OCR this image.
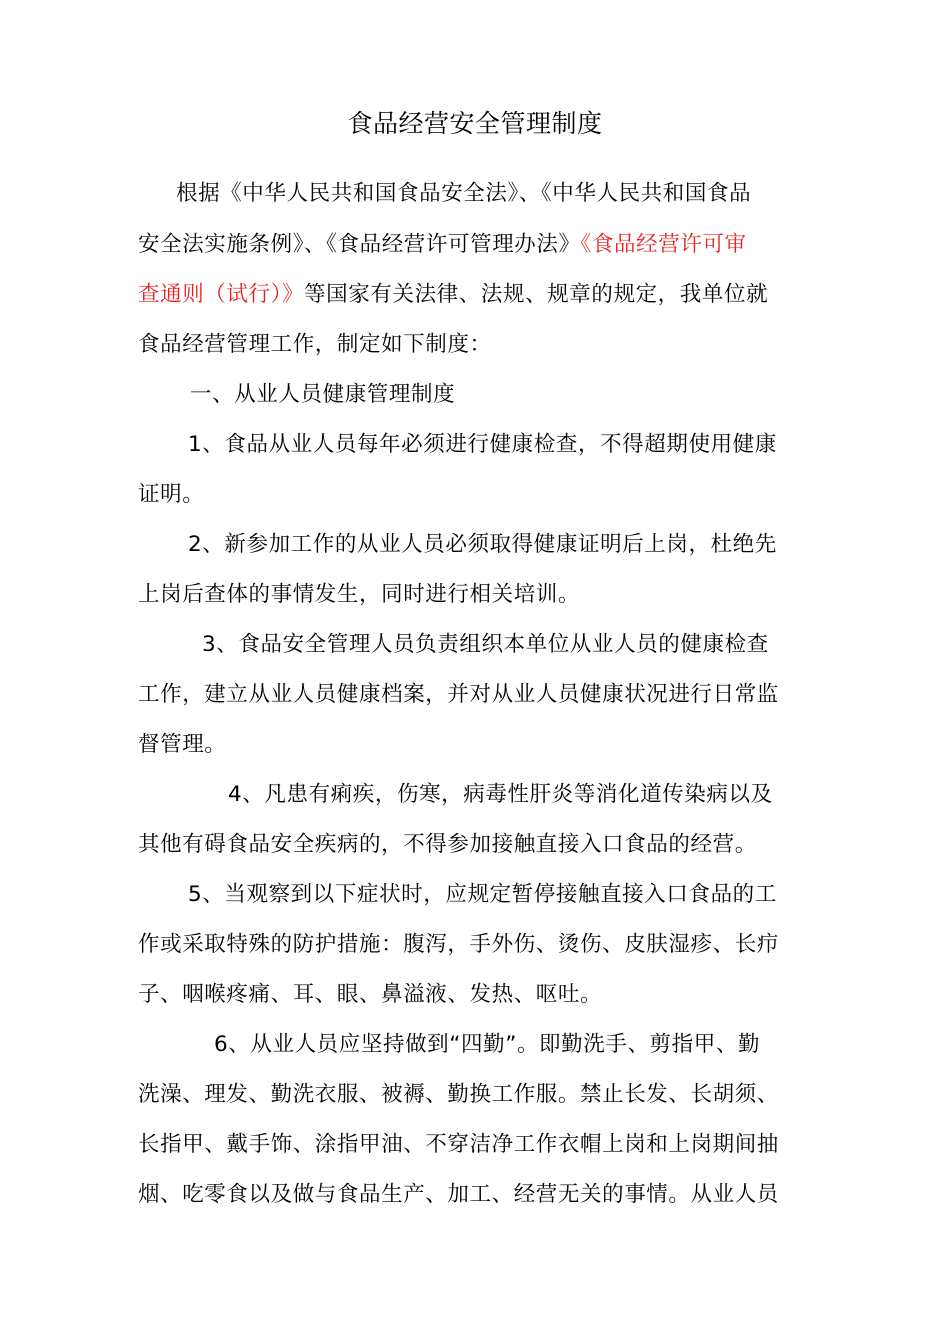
食品经营安全管理制度
根据《中华人民共和国食品安全法》、《中华人民共和国食品
安全法实施条例》、《食品经营许可管理办法》《食品经营许可审
查通则（试行）》等国家有关法律、法规、规章的规定，我单位就
食品经营管理工作，制定如下制度：
一、从业人员健康管理制度
1、食品从业人员每年必须进行健康检查，不得超期使用健康
证明。
2、新参加工作的从业人员必须取得健康证明后上岗，杜绝先
上岗后查体的事情发生，同时进行相关培训。
3、食品安全管理人员负责组织本单位从业人员的健康检查
工作，建立从业人员健康档案，并对从业人员健康状况进行日常监
督管理。
4、凡患有痢疾，伤寒，病毒性肝炎等消化道传染病以及
其他有碍食品安全疾病的，不得参加接触直接入口食品的经营。
5、当观察到以下症状时，应规定暂停接触直接入口食品的工
作或采取特殊的防护措施：腹泻，手外伤、烫伤、皮肤湿疹、长疖
子、咽喉疼痛、耳、眼、鼻溢液、发热、呕吐。
6、从业人员应坚持做到“四勤”。即勤洗手、剪指甲、勤
洗澡、理发、勤洗衣服、被褥、勤换工作服。禁止长发、长胡须、
长指甲、戴手饰、涂指甲油、不穿洁净工作衣帽上岗和上岗期间抽
烟、吃零食以及做与食品生产、加工、经营无关的事情。从业人员
